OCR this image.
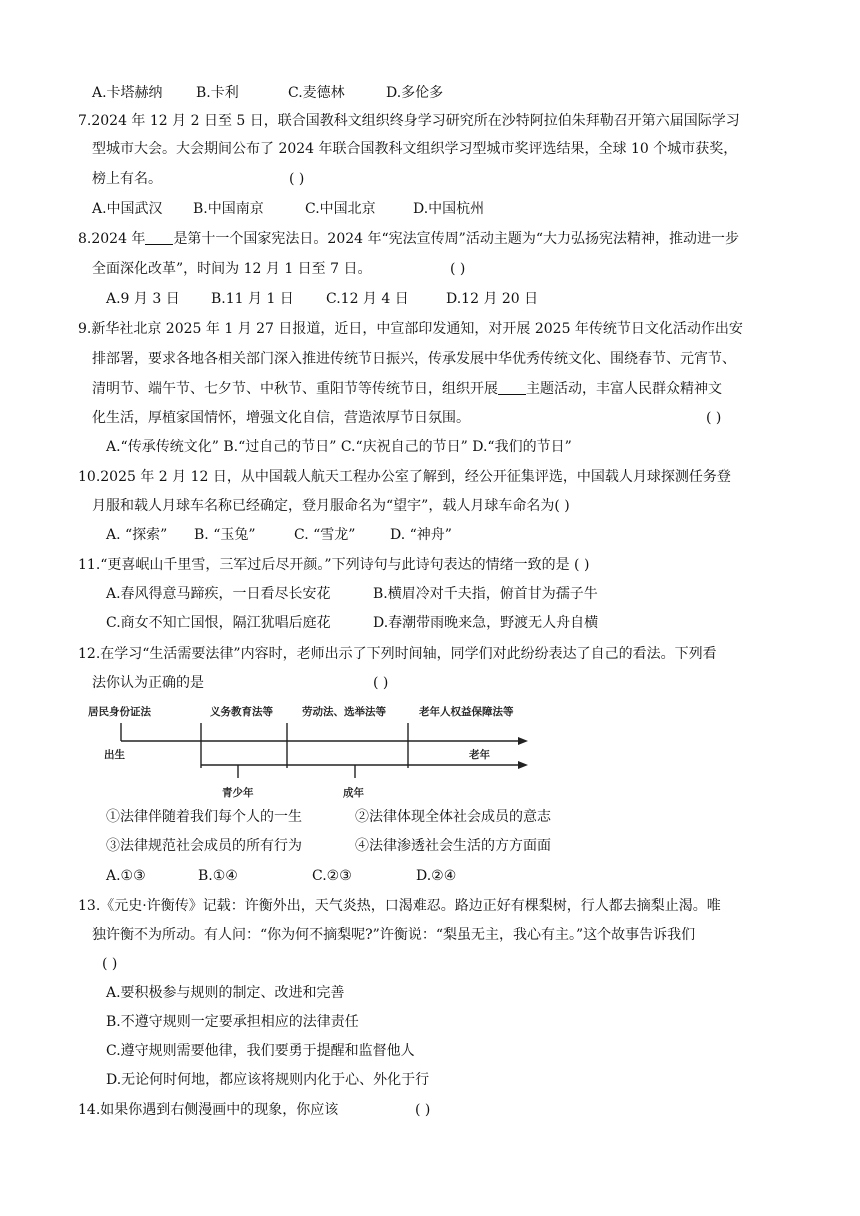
A.卡塔赫纳 B.卡利	C.麦德林	D.多伦多
7.2024 年 12 月 2 日至 5 日，联合国教科文组织终身学习研究所在沙特阿拉伯朱拜勒召开第六届国际学习
型城市大会。大会期间公布了 2024 年联合国教科文组织学习型城市奖评选结果，全球 10 个城市获奖，
榜上有名。	( )
A.中国武汉 B.中国南京	C.中国北京	D.中国杭州
8.2024 年 是第十一个国家宪法日。2024 年“宪法宣传周”活动主题为“大力弘扬宪法精神，推动进一步
全面深化改革”，时间为 12 月 1 日至 7 日。	( )
A.9 月 3 日 B.11 月 1 日 C.12 月 4 日	D.12 月 20 日
9.新华社北京 2025 年 1 月 27 日报道，近日，中宣部印发通知，对开展 2025 年传统节日文化活动作出安
排部署，要求各地各相关部门深入推进传统节日振兴，传承发展中华优秀传统文化、围绕春节、元宵节、
清明节、端午节、七夕节、中秋节、重阳节等传统节日，组织开展 主题活动，丰富人民群众精神文
化生活，厚植家国情怀，增强文化自信，营造浓厚节日氛围。	( )
A.“传承传统文化” B.“过自己的节日” C.“庆祝自己的节日” D.“我们的节日”
10.2025 年 2 月 12 日，从中国载人航天工程办公室了解到，经公开征集评选，中国载人月球探测任务登
月服和载人月球车名称已经确定，登月服命名为“望宇”，载人月球车命名为( )
A. “探索” B. “玉兔”	C. “雪龙” D. “神舟”
11.“更喜岷山千里雪，三军过后尽开颜。”下列诗句与此诗句表达的情绪一致的是 ( )
A.春风得意马蹄疾，一日看尽长安花	B.横眉冷对千夫指，俯首甘为孺子牛
C.商女不知亡国恨，隔江犹唱后庭花	D.春潮带雨晚来急，野渡无人舟自横
12.在学习“生活需要法律”内容时，老师出示了下列时间轴，同学们对此纷纷表达了自己的看法。下列看
法你认为正确的是	( )
居民身份证法	义务教育法等	劳动法、选举法等	老年人权益保障法等
出生	老年
青少年	成年
①法律伴随着我们每个人的一生	②法律体现全体社会成员的意志
③法律规范社会成员的所有行为	④法律渗透社会生活的方方面面
A.①③	B.①④	C.②③	D.②④
13.《元史·许衡传》记载：许衡外出，天气炎热，口渴难忍。路边正好有棵梨树，行人都去摘梨止渴。唯
独许衡不为所动。有人问：“你为何不摘梨呢?”许衡说：“梨虽无主，我心有主。”这个故事告诉我们
( )
A.要积极参与规则的制定、改进和完善
B.不遵守规则一定要承担相应的法律责任
C.遵守规则需要他律，我们要勇于提醒和监督他人
D.无论何时何地，都应该将规则内化于心、外化于行
14.如果你遇到右侧漫画中的现象，你应该	( )
